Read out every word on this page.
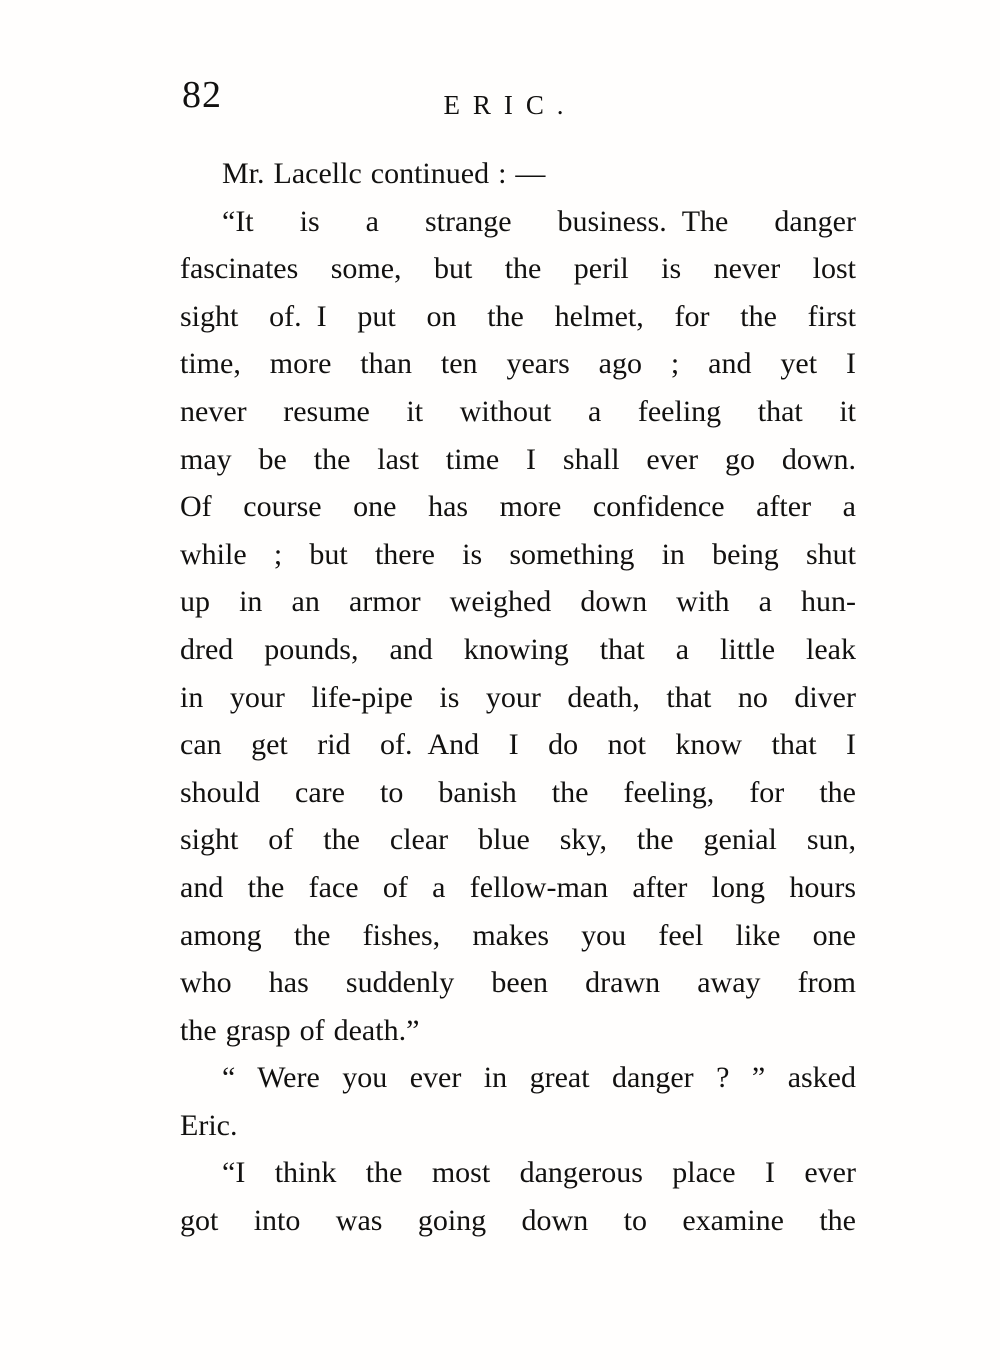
82	ERIC.
Mr. Lacellc continued : —
“It is a strange business. The danger
fascinates some, but the peril is never lost
sight of. I put on the helmet, for the first
time, more than ten years ago ; and yet I
never resume it without a feeling that it
may be the last time I shall ever go down.
Of course one has more confidence after a
while ; but there is something in being shut
up in an armor weighed down with a hun-
dred pounds, and knowing that a little leak
in your life-pipe is your death, that no diver
can get rid of. And I do not know that I
should care to banish the feeling, for the
sight of the clear blue sky, the genial sun,
and the face of a fellow-man after long hours
among the fishes, makes you feel like one
who has suddenly been drawn away from
the grasp of death.”
“ Were you ever in great danger ? ” asked
Eric.
“I think the most dangerous place I ever
got into was going down to examine the
